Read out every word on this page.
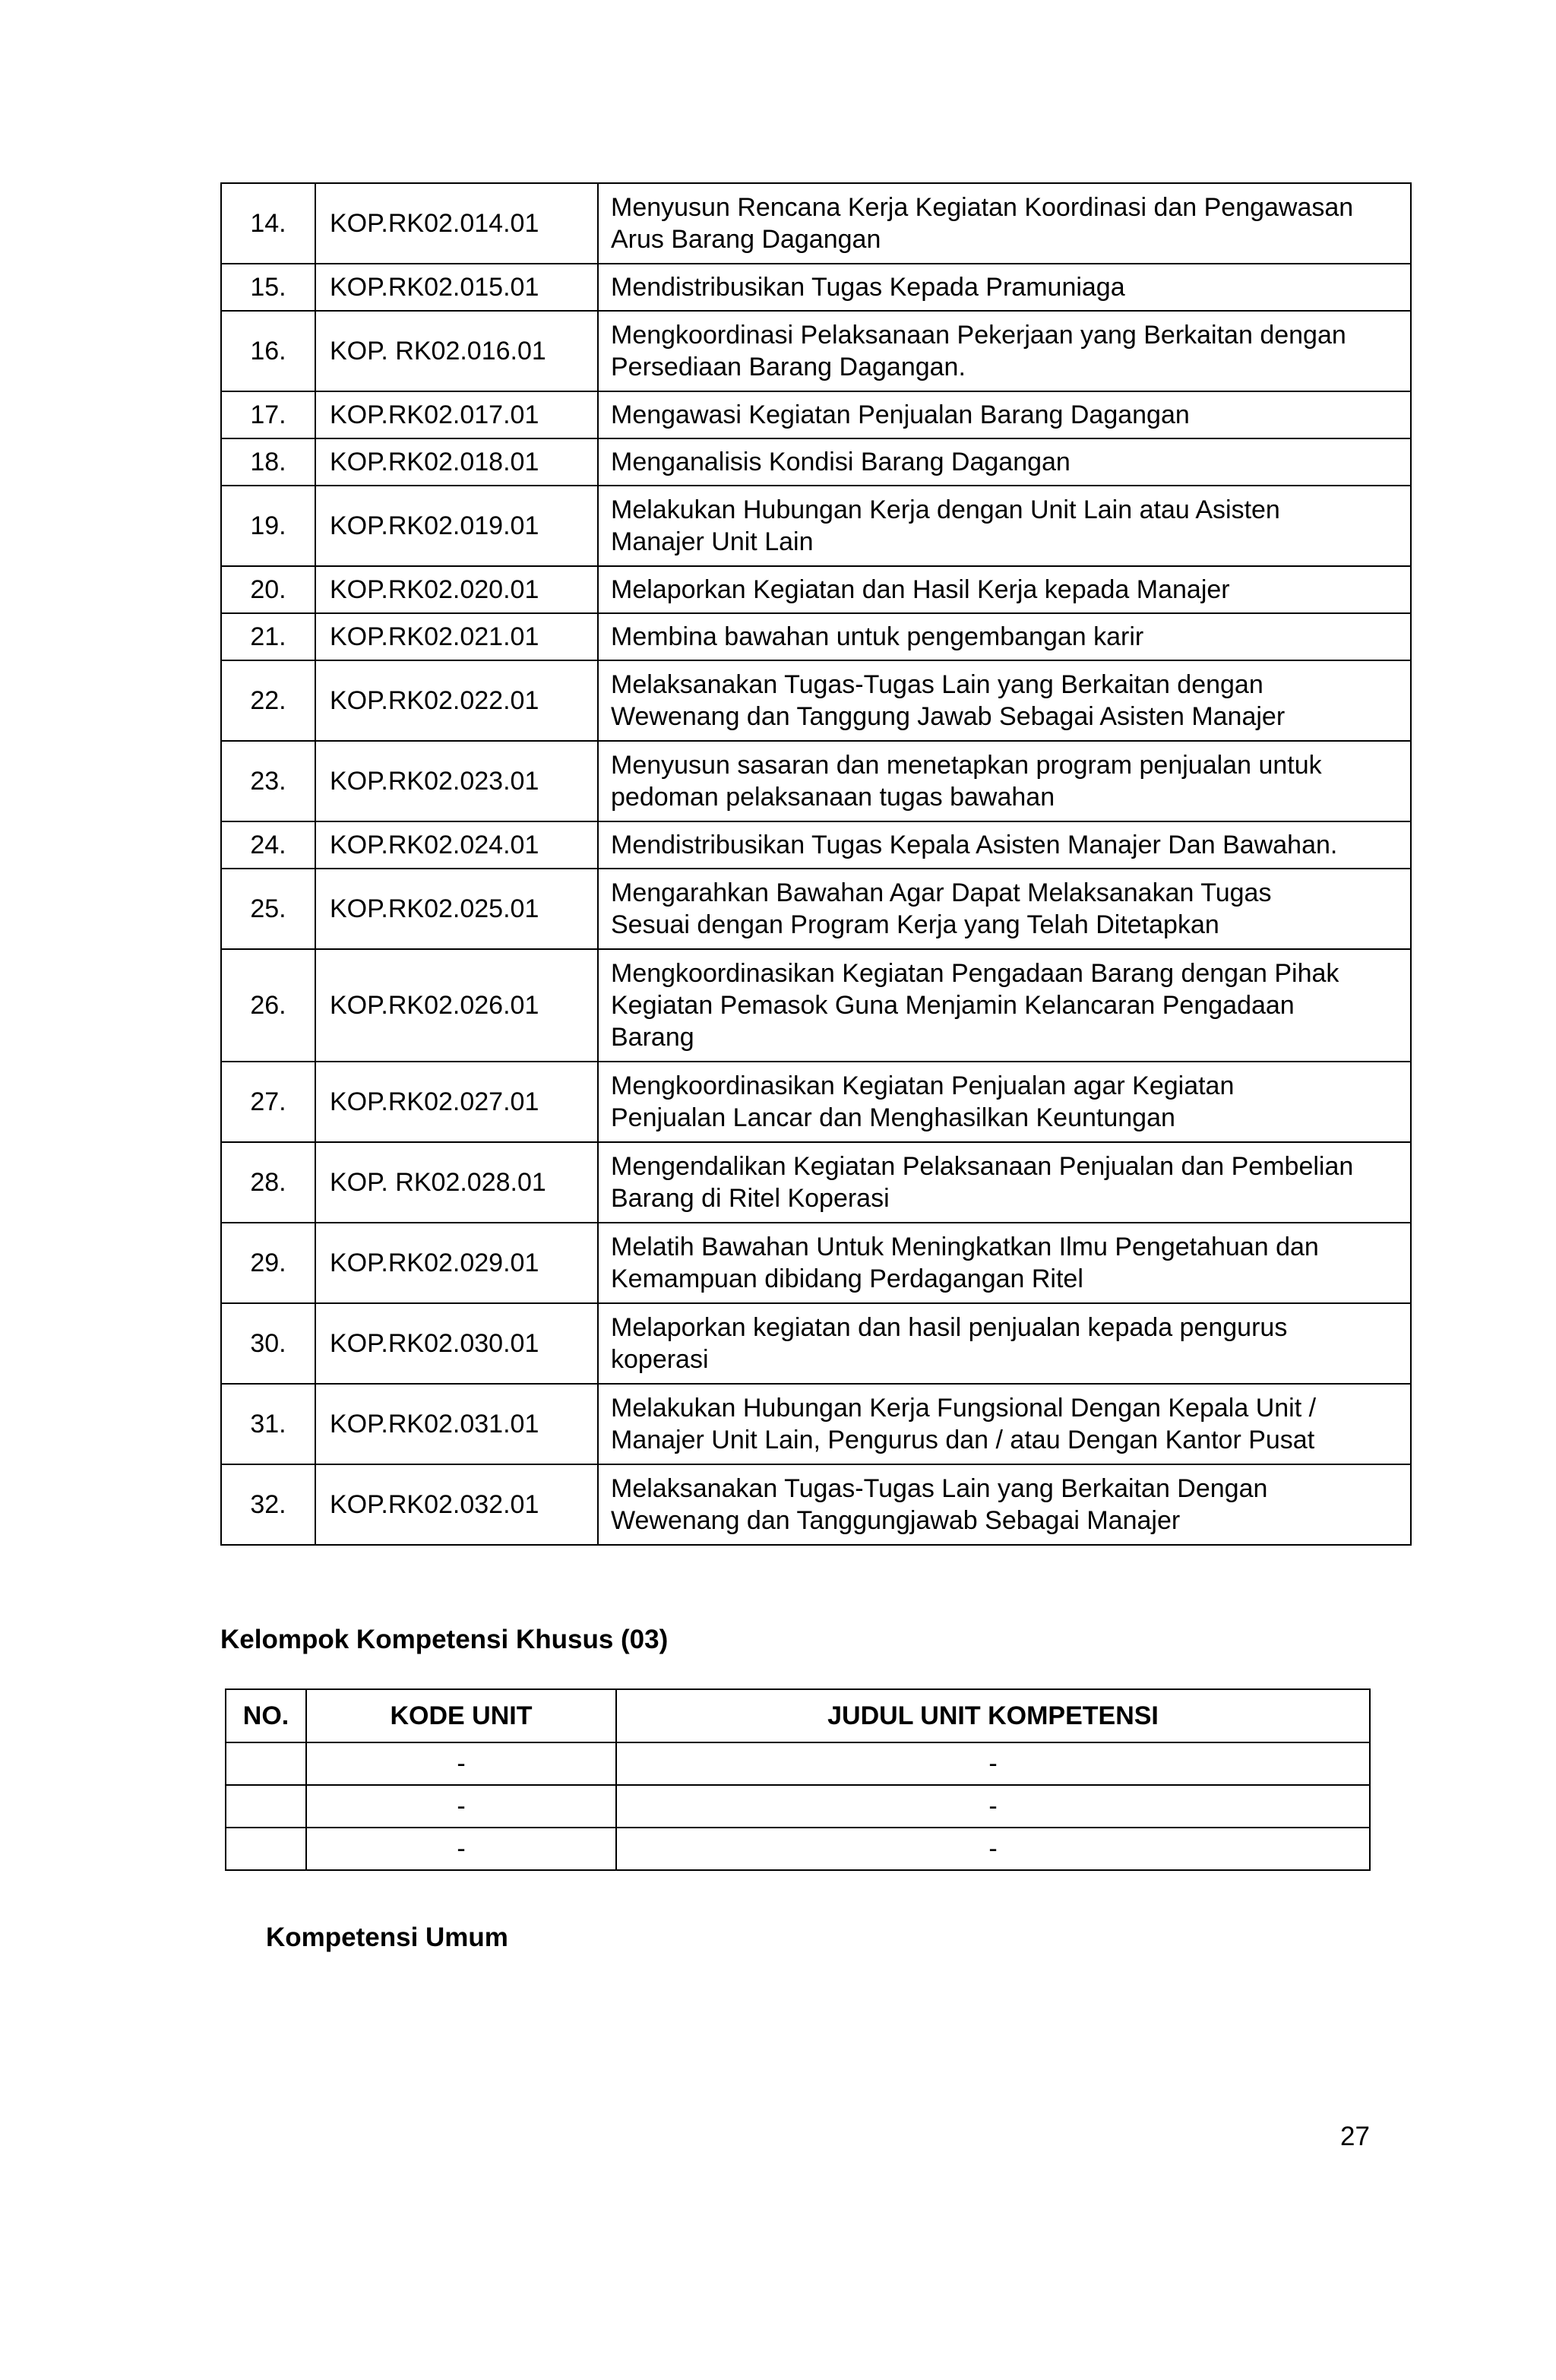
14.	KOP.RK02.014.01	Menyusun Rencana Kerja Kegiatan Koordinasi dan Pengawasan
Arus Barang Dagangan

15.	KOP.RK02.015.01	Mendistribusikan Tugas Kepada Pramuniaga

16.	KOP. RK02.016.01	Mengkoordinasi Pelaksanaan Pekerjaan yang Berkaitan dengan
Persediaan Barang Dagangan.

17.	KOP.RK02.017.01	Mengawasi Kegiatan Penjualan Barang Dagangan

18.	KOP.RK02.018.01	Menganalisis Kondisi Barang Dagangan

19.	KOP.RK02.019.01	Melakukan Hubungan Kerja dengan Unit Lain atau Asisten
Manajer Unit Lain

20.	KOP.RK02.020.01	Melaporkan Kegiatan dan Hasil Kerja kepada Manajer

21.	KOP.RK02.021.01	Membina bawahan untuk pengembangan karir

22.	KOP.RK02.022.01	Melaksanakan Tugas-Tugas Lain yang Berkaitan dengan
Wewenang dan Tanggung Jawab Sebagai Asisten Manajer

23.	KOP.RK02.023.01	Menyusun sasaran dan menetapkan program penjualan untuk
pedoman pelaksanaan tugas bawahan

24.	KOP.RK02.024.01	Mendistribusikan Tugas Kepala Asisten Manajer Dan Bawahan.

25.	KOP.RK02.025.01	Mengarahkan Bawahan Agar Dapat Melaksanakan Tugas
Sesuai dengan Program Kerja yang Telah Ditetapkan

26.	KOP.RK02.026.01	Mengkoordinasikan Kegiatan Pengadaan Barang dengan Pihak
Kegiatan Pemasok Guna Menjamin Kelancaran Pengadaan
Barang

27.	KOP.RK02.027.01	Mengkoordinasikan Kegiatan Penjualan agar Kegiatan
Penjualan Lancar dan Menghasilkan Keuntungan

28.	KOP. RK02.028.01	Mengendalikan Kegiatan Pelaksanaan Penjualan dan Pembelian
Barang di Ritel Koperasi

29.	KOP.RK02.029.01	Melatih Bawahan Untuk Meningkatkan Ilmu Pengetahuan dan
Kemampuan dibidang Perdagangan Ritel

30.	KOP.RK02.030.01	Melaporkan kegiatan dan hasil penjualan kepada pengurus
koperasi

31.	KOP.RK02.031.01	Melakukan Hubungan Kerja Fungsional Dengan Kepala Unit /
Manajer Unit Lain, Pengurus dan / atau Dengan Kantor Pusat

32.	KOP.RK02.032.01	Melaksanakan Tugas-Tugas Lain yang Berkaitan Dengan
Wewenang dan Tanggungjawab Sebagai Manajer
Kelompok Kompetensi Khusus (03)
NO.	KODE UNIT	JUDUL UNIT KOMPETENSI
	-	-
	-	-
	-	-
Kompetensi Umum
27
